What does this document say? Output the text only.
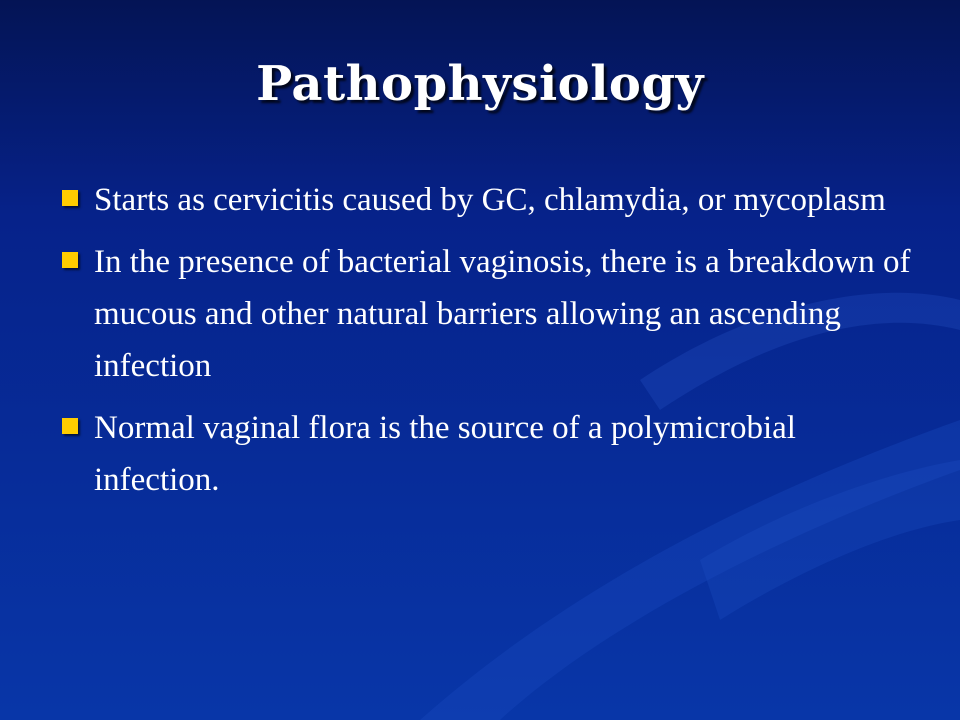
Pathophysiology
Starts as cervicitis caused by GC, chlamydia, or mycoplasm
In the presence of bacterial vaginosis, there is a breakdown of mucous and other natural barriers allowing an ascending infection
Normal vaginal flora is the source of a polymicrobial infection.
